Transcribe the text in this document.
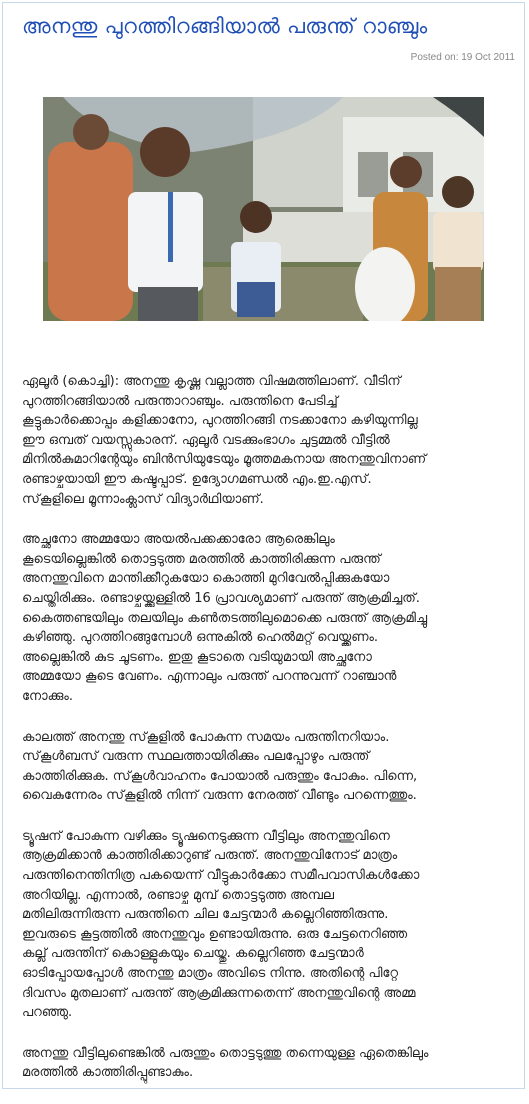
അനന്തു പുറത്തിറങ്ങിയാല്‍ പരുന്ത് റാഞ്ചും
Posted on: 19 Oct 2011

ഏലൂര്‍ (കൊച്ചി): അനന്തു കൃഷ്ണ വല്ലാത്ത വിഷമത്തിലാണ്. വീടിന്
പുറത്തിറങ്ങിയാല്‍ പരുന്താറാഞ്ചും. പരുന്തിനെ പേടിച്ച്
കൂട്ടുകാര്‍ക്കൊപ്പം കളിക്കാനോ, പുറത്തിറങ്ങി നടക്കാനോ കഴിയുന്നില്ല
ഈ ഒമ്പത് വയസ്സുകാരന്. ഏലൂര്‍ വടക്കുംഭാഗം ചുട്ടമ്മല്‍ വീട്ടില്‍
മിനില്‍കുമാറിന്റേയും ബിന്‍സിയുടേയും മൂത്തമകനായ അനന്തുവിനാണ്
രണ്ടാഴ്ചയായി ഈ കഷ്ടപ്പാട്. ഉദ്യോഗമണ്ഡല്‍ എം.ഇ.എസ്.
സ്‌കൂളിലെ മൂന്നാംക്ലാസ് വിദ്യാര്‍ഥിയാണ്.

അച്ഛനോ അമ്മയോ അയല്‍പക്കക്കാരോ ആരെങ്കിലും
കൂടെയില്ലെങ്കില്‍ തൊട്ടടുത്ത മരത്തില്‍ കാത്തിരിക്കുന്ന പരുന്ത്
അനന്തുവിനെ മാന്തിക്കീറുകയോ കൊത്തി മുറിവേല്‍പ്പിക്കുകയോ
ചെയ്തിരിക്കും. രണ്ടാഴ്ചയ്ക്കുള്ളില്‍ 16 പ്രാവശ്യമാണ് പരുന്ത് ആക്രമിച്ചത്.
കൈത്തണ്ടയിലും തലയിലും കണ്‍തടത്തിലുമൊക്കെ പരുന്ത് ആക്രമിച്ചു
കഴിഞ്ഞു. പുറത്തിറങ്ങുമ്പോള്‍ ഒന്നുകില്‍ ഹെല്‍മറ്റ് വെയ്ക്കണം.
അല്ലെങ്കില്‍ കുട ചൂടണം. ഇതു കൂടാതെ വടിയുമായി അച്ഛനോ
അമ്മയോ കൂടെ വേണം. എന്നാലും പരുന്ത് പറന്നുവന്ന് റാഞ്ചാന്‍
നോക്കും.

കാലത്ത് അനന്തു സ്‌കൂളില്‍ പോകുന്ന സമയം പരുന്തിനറിയാം.
സ്‌കൂള്‍ബസ് വരുന്ന സ്ഥലത്തായിരിക്കും പലപ്പോഴും പരുന്ത്
കാത്തിരിക്കുക. സ്‌കൂള്‍വാഹനം പോയാല്‍ പരുന്തും പോകും. പിന്നെ,
വൈകുന്നേരം സ്‌കൂളില്‍ നിന്ന് വരുന്ന നേരത്ത് വീണ്ടും പറന്നെത്തും.

ട്യൂഷന് പോകുന്ന വഴിക്കും ട്യൂഷനെടുക്കുന്ന വീട്ടിലും അനന്തുവിനെ
ആക്രമിക്കാന്‍ കാത്തിരിക്കാറുണ്ട് പരുന്ത്. അനന്തുവിനോട് മാത്രം
പരുന്തിനെന്തിനിത്ര പകയെന്ന് വീട്ടുകാര്‍ക്കോ സമീപവാസികള്‍ക്കോ
അറിയില്ല. എന്നാല്‍, രണ്ടാഴ്ച മുമ്പ് തൊട്ടടുത്ത അമ്പല
മതിലിരുന്നിരുന്ന പരുന്തിനെ ചില ചേട്ടന്മാര്‍ കല്ലെറിഞ്ഞിരുന്നു.
ഇവരുടെ കൂട്ടത്തില്‍ അനന്തുവും ഉണ്ടായിരുന്നു. ഒരു ചേട്ടനെറിഞ്ഞ
കല്ല് പരുന്തിന് കൊള്ളുകയും ചെയ്തു. കല്ലെറിഞ്ഞ ചേട്ടന്മാര്‍
ഓടിപ്പോയപ്പോള്‍ അനന്തു മാത്രം അവിടെ നിന്നു. അതിന്റെ പിറ്റേ
ദിവസം മുതലാണ് പരുന്ത് ആക്രമിക്കുന്നതെന്ന് അനന്തുവിന്റെ അമ്മ
പറഞ്ഞു.

അനന്തു വീട്ടിലുണ്ടെങ്കില്‍ പരുന്തും തൊട്ടടുത്തു തന്നെയുള്ള ഏതെങ്കിലും
മരത്തില്‍ കാത്തിരിപ്പുണ്ടാകും.
